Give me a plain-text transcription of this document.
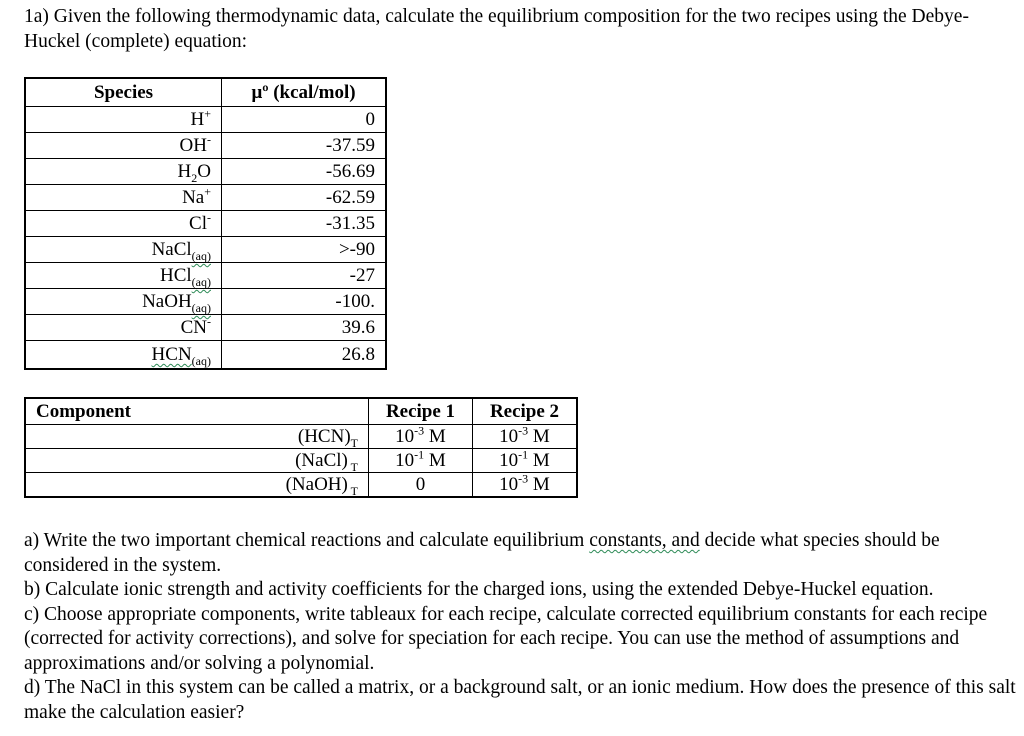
1a) Given the following thermodynamic data, calculate the equilibrium composition for the two recipes using the Debye-Huckel (complete) equation:
Species	μº (kcal/mol)
H+	0
OH-	-37.59
$H_2O$	-56.69
Na+	-62.59
Cl-	-31.35
NaCl$_{(aq)}$	>-90
HCl$_{(aq)}$	-27
NaOH$_{(aq)}$	-100.
CN-	39.6
$HCN_{(aq)}$	26.8
Component	Recipe 1	Recipe 2
$(HCN)_T$	$10^{-3}$ M	$10^{-3}$ M
(NaCl) $_T$	$10^{-1}$ M	$10^{-1}$ M
(NaOH) $_T$	0	$10^{-3}$ M

a) Write the two important chemical reactions and calculate equilibrium constants, and decide what species should be considered in the system.

b) Calculate ionic strength and activity coefficients for the charged ions, using the extended Debye-Huckel equation.

c) Choose appropriate components, write tableaux for each recipe, calculate corrected equilibrium constants for each recipe (corrected for activity corrections), and solve for speciation for each recipe. You can use the method of assumptions and approximations and/or solving a polynomial.

d) The NaCl in this system can be called a matrix, or a background salt, or an ionic medium. How does the presence of this salt make the calculation easier?
